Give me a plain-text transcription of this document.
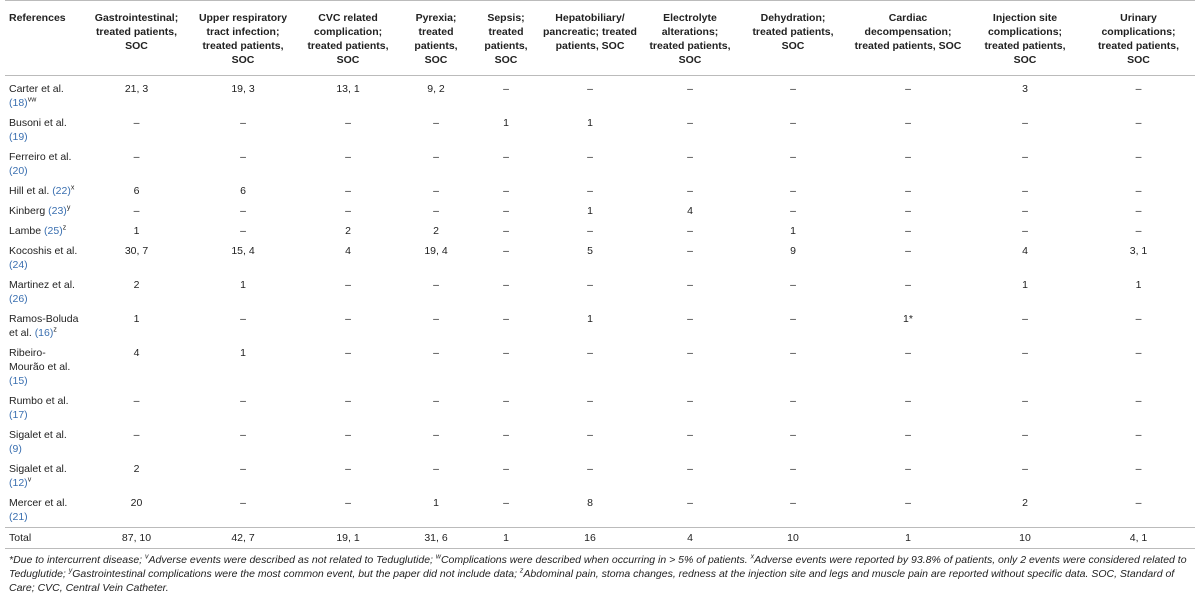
References	Gastrointestinal; treated patients, SOC	Upper respiratory tract infection; treated patients, SOC	CVC related complication; treated patients, SOC	Pyrexia; treated patients, SOC	Sepsis; treated patients, SOC	Hepatobiliary/ pancreatic; treated patients, SOC	Electrolyte alterations; treated patients, SOC	Dehydration; treated patients, SOC	Cardiac decompensation; treated patients, SOC	Injection site complications; treated patients, SOC	Urinary complications; treated patients, SOC
Carter et al. $(18)^{vw}$	21, 3	19, 3	13, 1	9, 2	–	–	–	–	–	3	–
Busoni et al. (19)	–	–	–	–	1	1	–	–	–	–	–
Ferreiro et al. (20)	–	–	–	–	–	–	–	–	–	–	–
Hill et al. $(22)^x$	6	6	–	–	–	–	–	–	–	–	–
Kinberg $(23)^y$	–	–	–	–	–	1	4	–	–	–	–
Lambe $(25)^z$	1	–	2	2	–	–	–	1	–	–	–
Kocoshis et al. (24)	30, 7	15, 4	4	19, 4	–	5	–	9	–	4	3, 1
Martinez et al. (26)	2	1	–	–	–	–	–	–	–	1	1
Ramos-Boluda et al. $(16)^z$	1	–	–	–	–	1	–	–	1*	–	–
Ribeiro-Mourão et al. (15)	4	1	–	–	–	–	–	–	–	–	–
Rumbo et al. (17)	–	–	–	–	–	–	–	–	–	–	–
Sigalet et al. (9)	–	–	–	–	–	–	–	–	–	–	–
Sigalet et al. $(12)^v$	2	–	–	–	–	–	–	–	–	–	–
Mercer et al. (21)	20	–	–	1	–	8	–	–	–	2	–
Total	87, 10	42, 7	19, 1	31, 6	1	16	4	10	1	10	4, 1
*Due to intercurrent disease; $^v$Adverse events were described as not related to Teduglutide; $^w$Complications were described when occurring in > 5% of patients. $^x$Adverse events were reported by 93.8% of patients, only 2 events were considered related to Teduglutide; $^y$Gastrointestinal complications were the most common event, but the paper did not include data; $^z$Abdominal pain, stoma changes, redness at the injection site and legs and muscle pain are reported without specific data. SOC, Standard of Care; CVC, Central Vein Catheter.
